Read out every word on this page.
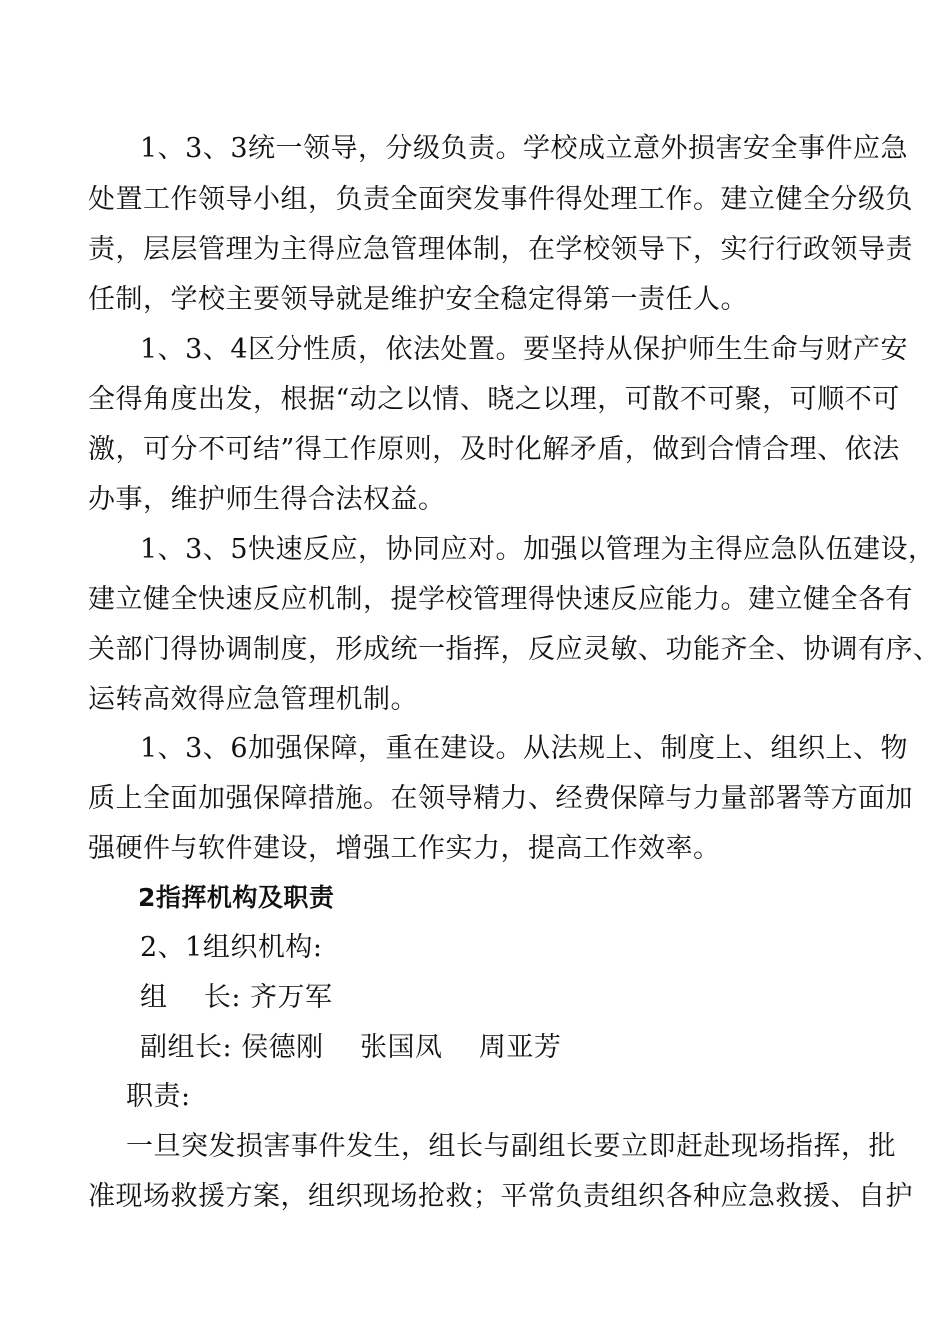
1、3、3统一领导，分级负责。学校成立意外损害安全事件应急
处置工作领导小组，负责全面突发事件得处理工作。建立健全分级负
责，层层管理为主得应急管理体制，在学校领导下，实行行政领导责
任制，学校主要领导就是维护安全稳定得第一责任人。
1、3、4区分性质，依法处置。要坚持从保护师生生命与财产安
全得角度出发，根据“动之以情、晓之以理，可散不可聚，可顺不可
激，可分不可结”得工作原则，及时化解矛盾，做到合情合理、依法
办事，维护师生得合法权益。
1、3、5快速反应，协同应对。加强以管理为主得应急队伍建设，
建立健全快速反应机制，提学校管理得快速反应能力。建立健全各有
关部门得协调制度，形成统一指挥，反应灵敏、功能齐全、协调有序、
运转高效得应急管理机制。
1、3、6加强保障，重在建设。从法规上、制度上、组织上、物
质上全面加强保障措施。在领导精力、经费保障与力量部署等方面加
强硬件与软件建设，增强工作实力，提高工作效率。
2指挥机构及职责
2、1组织机构:
组    长: 齐万军
副组长: 侯德刚    张国凤    周亚芳
职责:
一旦突发损害事件发生，组长与副组长要立即赶赴现场指挥，批
准现场救援方案，组织现场抢救；平常负责组织各种应急救援、自护
